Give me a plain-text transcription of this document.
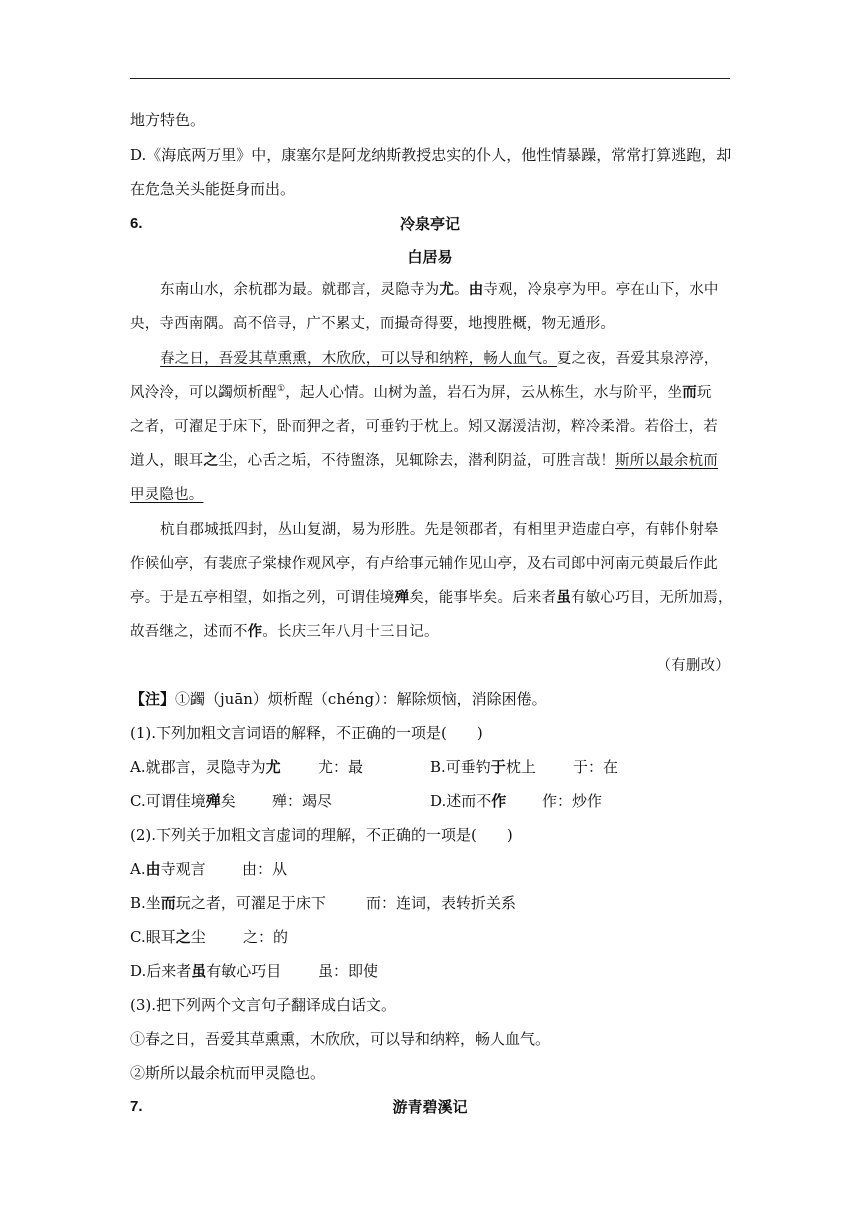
地方特色。
D.《海底两万里》中，康塞尔是阿龙纳斯教授忠实的仆人，他性情暴躁，常常打算逃跑，却
在危急关头能挺身而出。
6.	冷泉亭记
白居易
东南山水，余杭郡为最。就郡言，灵隐寺为尤。由寺观，冷泉亭为甲。亭在山下，水中
央，寺西南隅。高不倍寻，广不累丈，而撮奇得要，地搜胜概，物无遁形。
春之日，吾爱其草熏熏，木欣欣，可以导和纳粹，畅人血气。夏之夜，吾爱其泉渟渟，
风泠泠，可以蠲烦析酲①，起人心情。山树为盖，岩石为屏，云从栋生，水与阶平，坐而玩
之者，可濯足于床下，卧而狎之者，可垂钓于枕上。矧又潺湲洁沏，粹冷柔滑。若俗士，若
道人，眼耳之尘，心舌之垢，不待盥涤，见辄除去，潜利阴益，可胜言哉！斯所以最余杭而
甲灵隐也。
杭自郡城抵四封，丛山复湖，易为形胜。先是领郡者，有相里尹造虚白亭，有韩仆射皋
作候仙亭，有裴庶子棠棣作观风亭，有卢给事元辅作见山亭，及右司郎中河南元萸最后作此
亭。于是五亭相望，如指之列，可谓佳境殚矣，能事毕矣。后来者虽有敏心巧目，无所加焉，
故吾继之，述而不作。长庆三年八月十三日记。
（有删改）
【注】①蠲（juān）烦析酲（chéng）：解除烦恼，消除困倦。
(1).下列加粗文言词语的解释，不正确的一项是(　　)
A.就郡言，灵隐寺为尤 尤：最	B.可垂钓于枕上 于：在
C.可谓佳境殚矣 殚：竭尽	D.述而不作 作：炒作
(2).下列关于加粗文言虚词的理解，不正确的一项是(　　)
A.由寺观言 由：从
B.坐而玩之者，可濯足于床下	而：连词，表转折关系
C.眼耳之尘 之：的
D.后来者虽有敏心巧目 虽：即使
(3).把下列两个文言句子翻译成白话文。
①春之日，吾爱其草熏熏，木欣欣，可以导和纳粹，畅人血气。
②斯所以最余杭而甲灵隐也。
7.	游青碧溪记
